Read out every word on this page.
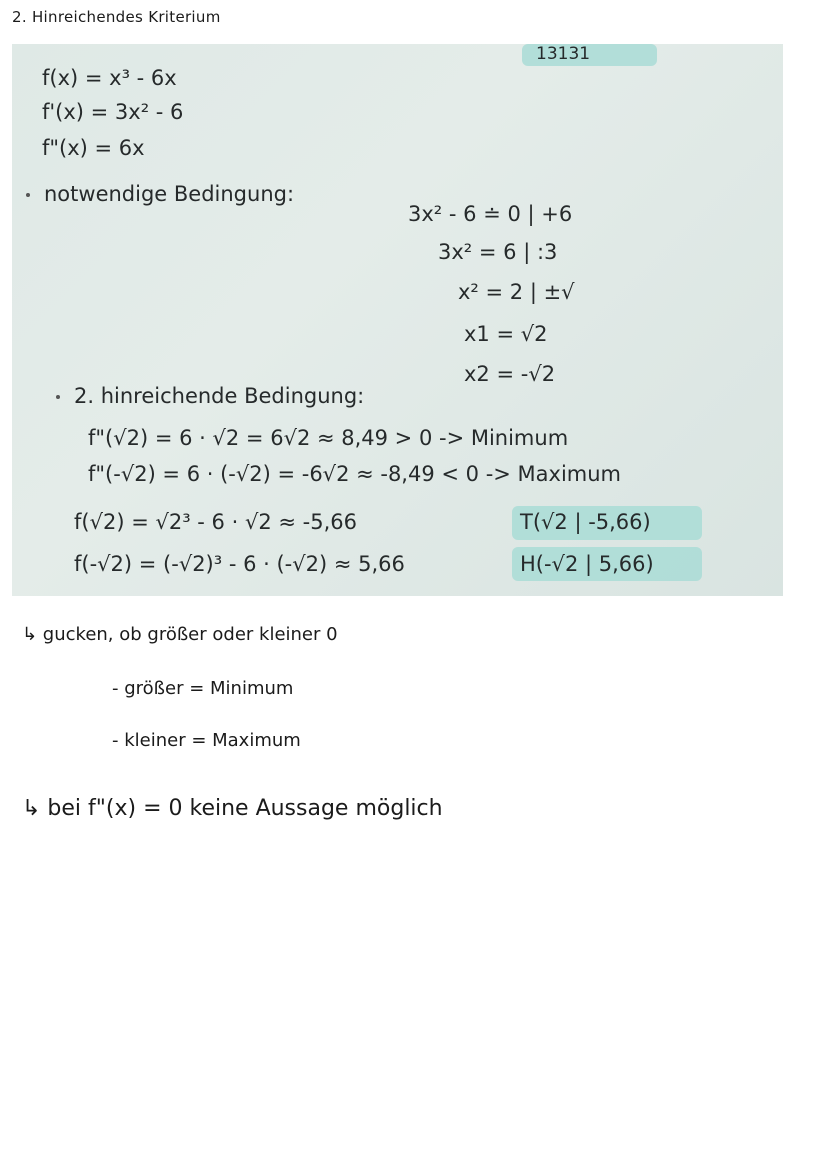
2. Hinreichendes Kriterium
13131
f(x) = x³ - 6x
f'(x) = 3x² - 6
f"(x) = 6x
notwendige Bedingung:
3x² - 6 ≐ 0 | +6
3x² = 6 | :3
x² = 2 | ±√
x1 = √2
x2 = -√2
2. hinreichende Bedingung:
f"(√2) = 6 · √2 = 6√2 ≈ 8,49 > 0 -> Minimum
f"(-√2) = 6 · (-√2) = -6√2 ≈ -8,49 < 0 -> Maximum
f(√2) = √2³ - 6 · √2 ≈ -5,66	T(√2 | -5,66)
f(-√2) = (-√2)³ - 6 · (-√2) ≈ 5,66	H(-√2 | 5,66)
↳ gucken, ob größer oder kleiner 0
- größer = Minimum
- kleiner = Maximum
↳ bei f"(x) = 0 keine Aussage möglich
